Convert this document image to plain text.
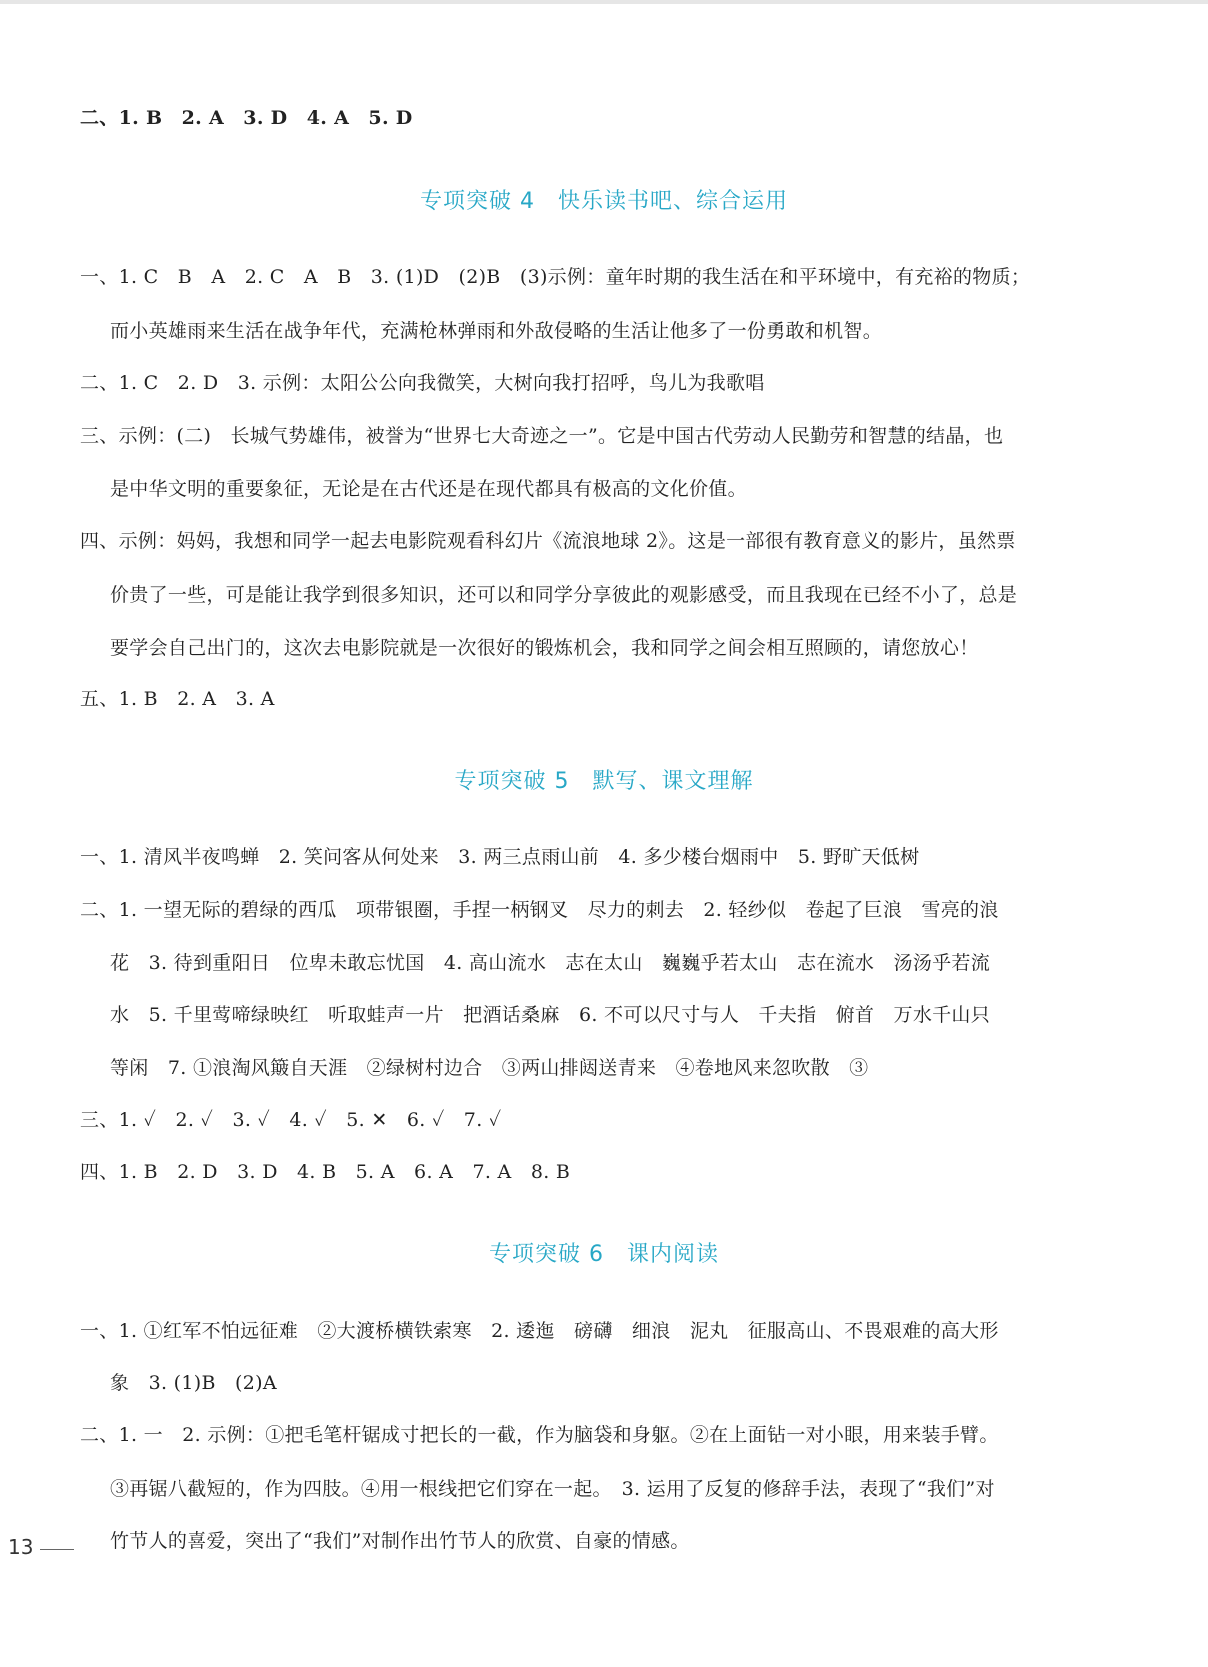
二、1. B　2. A　3. D　4. A　5. D
专项突破 4　快乐读书吧、综合运用
一、1. C　B　A　2. C　A　B　3. (1)D　(2)B　(3)示例：童年时期的我生活在和平环境中，有充裕的物质；
而小英雄雨来生活在战争年代，充满枪林弹雨和外敌侵略的生活让他多了一份勇敢和机智。
二、1. C　2. D　3. 示例：太阳公公向我微笑，大树向我打招呼，鸟儿为我歌唱
三、示例：(二)　长城气势雄伟，被誉为“世界七大奇迹之一”。它是中国古代劳动人民勤劳和智慧的结晶，也
是中华文明的重要象征，无论是在古代还是在现代都具有极高的文化价值。
四、示例：妈妈，我想和同学一起去电影院观看科幻片《流浪地球 2》。这是一部很有教育意义的影片，虽然票
价贵了一些，可是能让我学到很多知识，还可以和同学分享彼此的观影感受，而且我现在已经不小了，总是
要学会自己出门的，这次去电影院就是一次很好的锻炼机会，我和同学之间会相互照顾的，请您放心！
五、1. B　2. A　3. A
专项突破 5　默写、课文理解
一、1. 清风半夜鸣蝉　2. 笑问客从何处来　3. 两三点雨山前　4. 多少楼台烟雨中　5. 野旷天低树
二、1. 一望无际的碧绿的西瓜　项带银圈，手捏一柄钢叉　尽力的刺去　2. 轻纱似　卷起了巨浪　雪亮的浪
花　3. 待到重阳日　位卑未敢忘忧国　4. 高山流水　志在太山　巍巍乎若太山　志在流水　汤汤乎若流
水　5. 千里莺啼绿映红　听取蛙声一片　把酒话桑麻　6. 不可以尺寸与人　千夫指　俯首　万水千山只
等闲　7. ①浪淘风簸自天涯　②绿树村边合　③两山排闼送青来　④卷地风来忽吹散　③
三、1. ✓　2. ✓　3. ✓　4. ✓　5. ✕　6. ✓　7. ✓
四、1. B　2. D　3. D　4. B　5. A　6. A　7. A　8. B
专项突破 6　课内阅读
一、1. ①红军不怕远征难　②大渡桥横铁索寒　2. 逶迤　磅礴　细浪　泥丸　征服高山、不畏艰难的高大形
象　3. (1)B　(2)A
二、1. 一　2. 示例：①把毛笔杆锯成寸把长的一截，作为脑袋和身躯。②在上面钻一对小眼，用来装手臂。
③再锯八截短的，作为四肢。④用一根线把它们穿在一起。　3. 运用了反复的修辞手法，表现了“我们”对
竹节人的喜爱，突出了“我们”对制作出竹节人的欣赏、自豪的情感。
13
